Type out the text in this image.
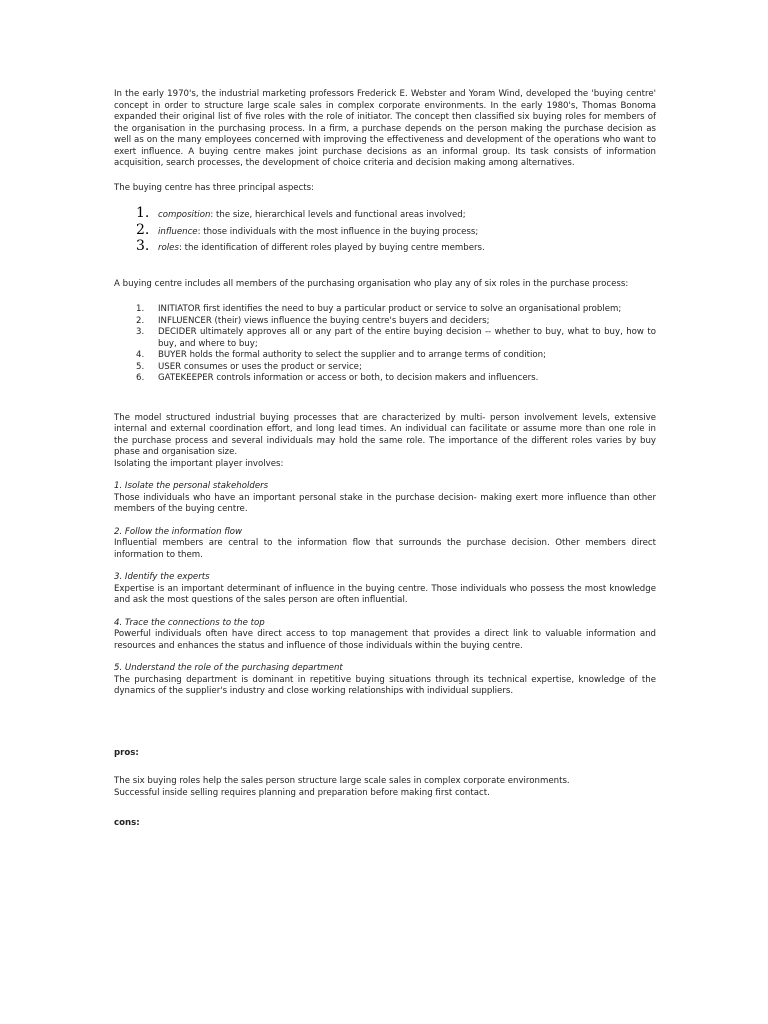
In the early 1970's, the industrial marketing professors Frederick E. Webster and Yoram Wind, developed the 'buying centre' concept in order to structure large scale sales in complex corporate environments. In the early 1980's, Thomas Bonoma expanded their original list of five roles with the role of initiator. The concept then classified six buying roles for members of the organisation in the purchasing process. In a firm, a purchase depends on the person making the purchase decision as well as on the many employees concerned with improving the effectiveness and development of the operations who want to exert influence. A buying centre makes joint purchase decisions as an informal group. Its task consists of information acquisition, search processes, the development of choice criteria and decision making among alternatives.

The buying centre has three principal aspects:

1.	composition: the size, hierarchical levels and functional areas involved;
2.	influence: those individuals with the most influence in the buying process;
3.	roles: the identification of different roles played by buying centre members.

A buying centre includes all members of the purchasing organisation who play any of six roles in the purchase process:

1. INITIATOR first identifies the need to buy a particular product or service to solve an organisational problem;
2. INFLUENCER (their) views influence the buying centre's buyers and deciders;
3. DECIDER ultimately approves all or any part of the entire buying decision -- whether to buy, what to buy, how to buy, and where to buy;
4. BUYER holds the formal authority to select the supplier and to arrange terms of condition;
5. USER consumes or uses the product or service;
6. GATEKEEPER controls information or access or both, to decision makers and influencers.

The model structured industrial buying processes that are characterized by multi- person involvement levels, extensive internal and external coordination effort, and long lead times. An individual can facilitate or assume more than one role in the purchase process and several individuals may hold the same role. The importance of the different roles varies by buy phase and organisation size.

Isolating the important player involves:

1. Isolate the personal stakeholders

Those individuals who have an important personal stake in the purchase decision- making exert more influence than other members of the buying centre.

2. Follow the information flow

Influential members are central to the information flow that surrounds the purchase decision. Other members direct information to them.

3. Identify the experts

Expertise is an important determinant of influence in the buying centre. Those individuals who possess the most knowledge and ask the most questions of the sales person are often influential.

4. Trace the connections to the top

Powerful individuals often have direct access to top management that provides a direct link to valuable information and resources and enhances the status and influence of those individuals within the buying centre.

5. Understand the role of the purchasing department

The purchasing department is dominant in repetitive buying situations through its technical expertise, knowledge of the dynamics of the supplier's industry and close working relationships with individual suppliers.

pros:
The six buying roles help the sales person structure large scale sales in complex corporate environments.
Successful inside selling requires planning and preparation before making first contact.
cons:
